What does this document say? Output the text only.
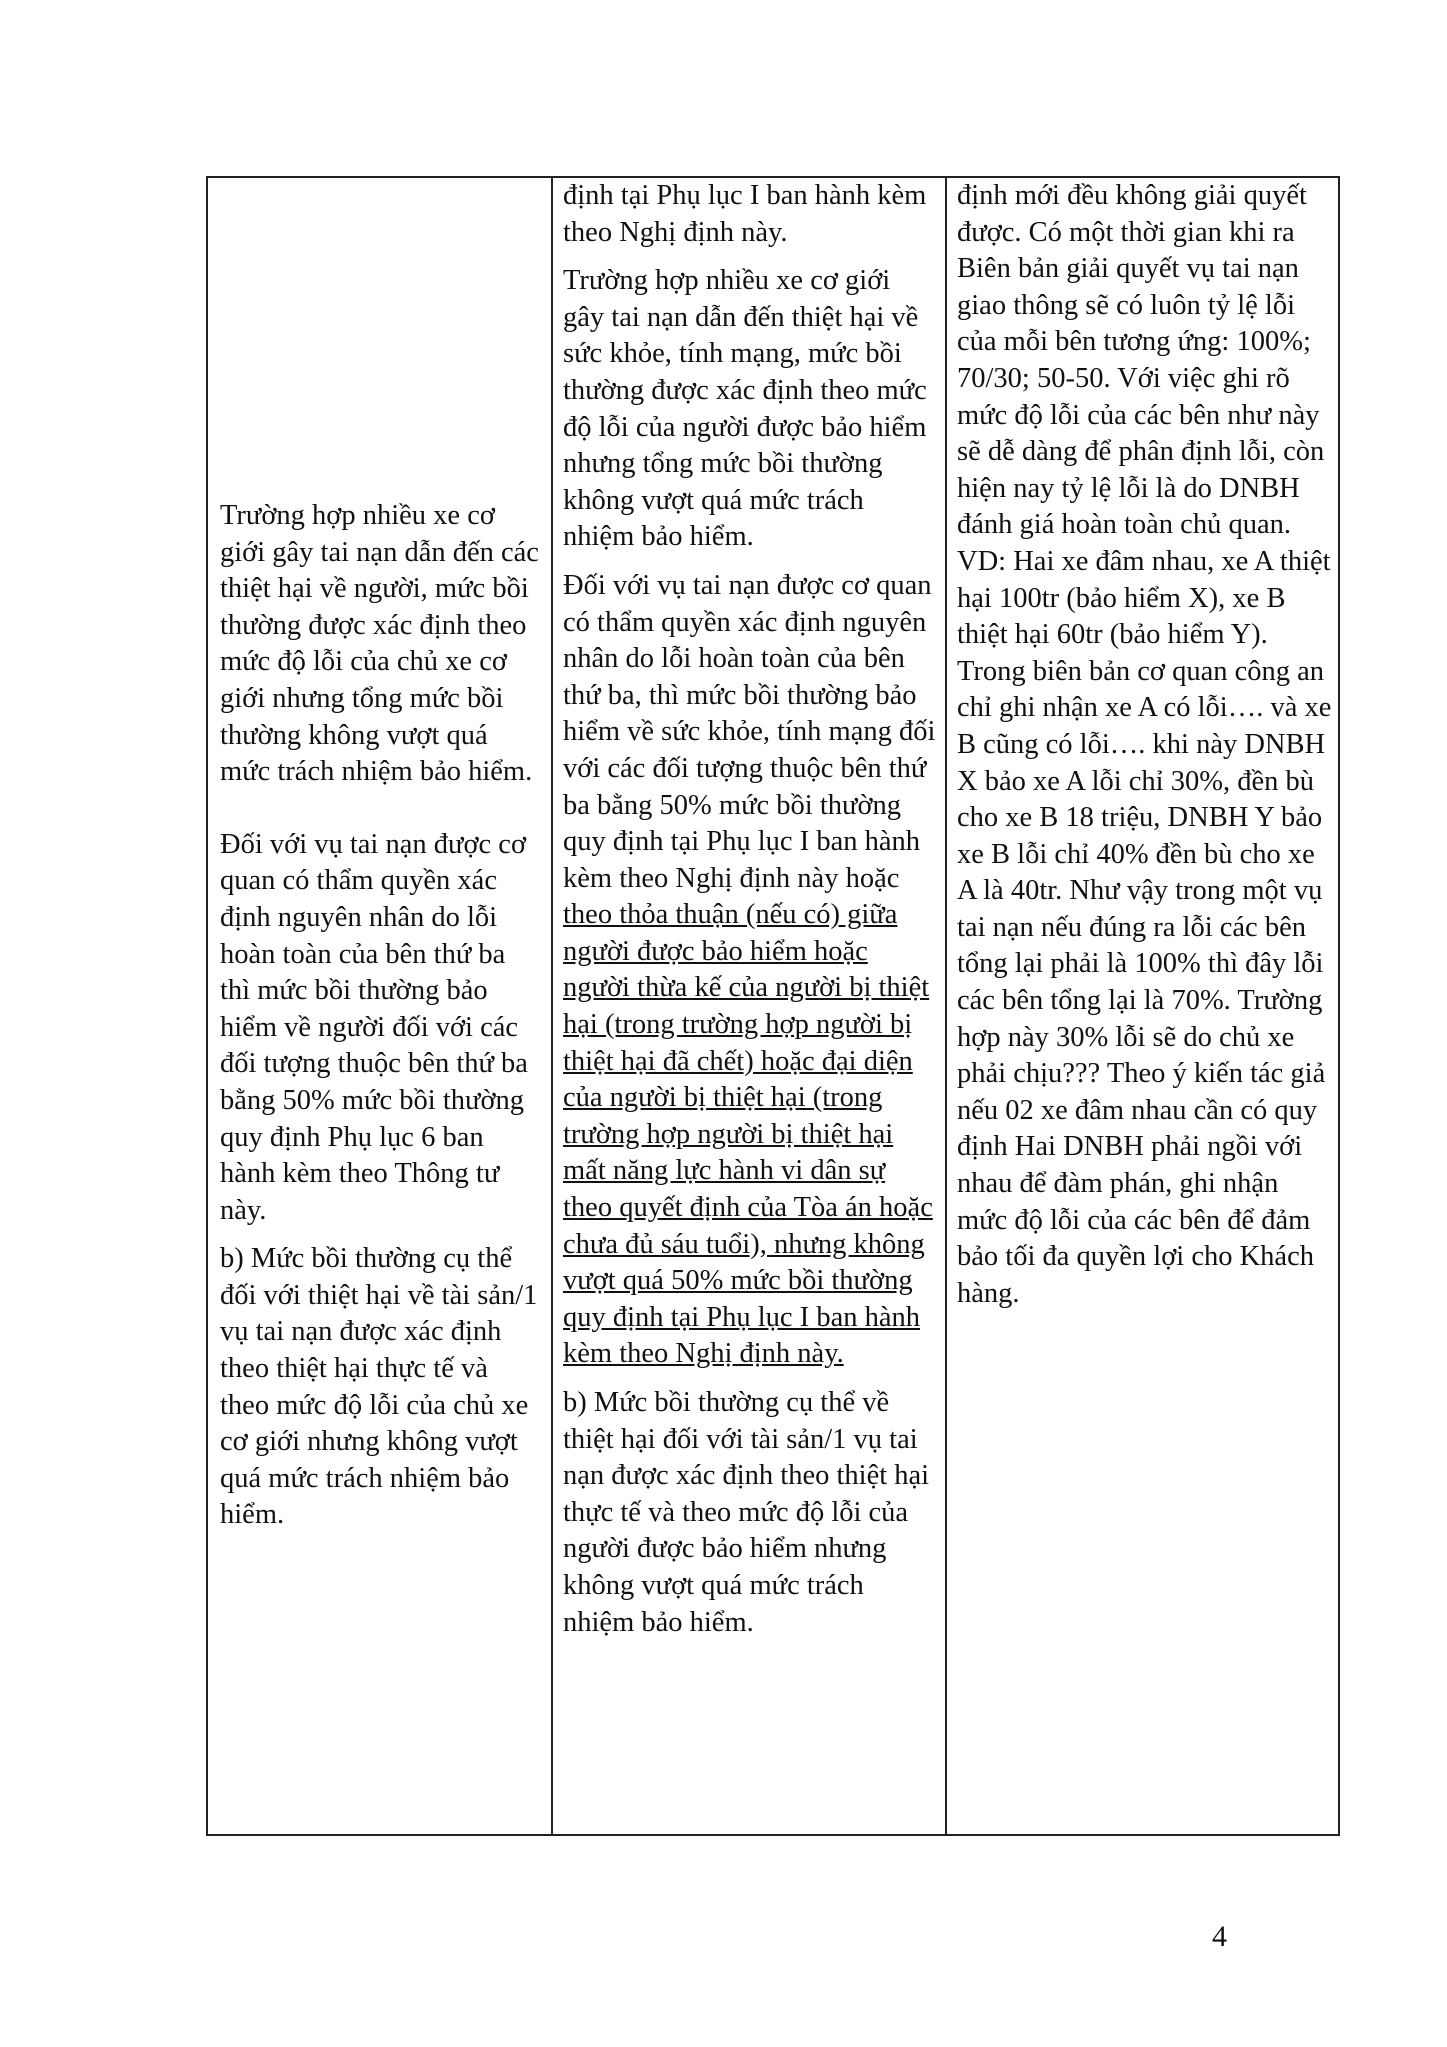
Trường hợp nhiều xe cơ giới gây tai nạn dẫn đến các thiệt hại về người, mức bồi thường được xác định theo mức độ lỗi của chủ xe cơ giới nhưng tổng mức bồi thường không vượt quá mức trách nhiệm bảo hiểm.

Đối với vụ tai nạn được cơ quan có thẩm quyền xác định nguyên nhân do lỗi hoàn toàn của bên thứ ba thì mức bồi thường bảo hiểm về người đối với các đối tượng thuộc bên thứ ba bằng 50% mức bồi thường quy định Phụ lục 6 ban hành kèm theo Thông tư này.

b) Mức bồi thường cụ thể đối với thiệt hại về tài sản/1 vụ tai nạn được xác định theo thiệt hại thực tế và theo mức độ lỗi của chủ xe cơ giới nhưng không vượt quá mức trách nhiệm bảo hiểm.

định tại Phụ lục I ban hành kèm theo Nghị định này.

Trường hợp nhiều xe cơ giới gây tai nạn dẫn đến thiệt hại về sức khỏe, tính mạng, mức bồi thường được xác định theo mức độ lỗi của người được bảo hiểm nhưng tổng mức bồi thường không vượt quá mức trách nhiệm bảo hiểm.

Đối với vụ tai nạn được cơ quan có thẩm quyền xác định nguyên nhân do lỗi hoàn toàn của bên thứ ba, thì mức bồi thường bảo hiểm về sức khỏe, tính mạng đối với các đối tượng thuộc bên thứ ba bằng 50% mức bồi thường quy định tại Phụ lục I ban hành kèm theo Nghị định này hoặc theo thỏa thuận (nếu có) giữa người được bảo hiểm hoặc người thừa kế của người bị thiệt hại (trong trường hợp người bị thiệt hại đã chết) hoặc đại diện của người bị thiệt hại (trong trường hợp người bị thiệt hại mất năng lực hành vi dân sự theo quyết định của Tòa án hoặc chưa đủ sáu tuổi), nhưng không vượt quá 50% mức bồi thường quy định tại Phụ lục I ban hành kèm theo Nghị định này.

b) Mức bồi thường cụ thể về thiệt hại đối với tài sản/1 vụ tai nạn được xác định theo thiệt hại thực tế và theo mức độ lỗi của người được bảo hiểm nhưng không vượt quá mức trách nhiệm bảo hiểm.

định mới đều không giải quyết được. Có một thời gian khi ra Biên bản giải quyết vụ tai nạn giao thông sẽ có luôn tỷ lệ lỗi của mỗi bên tương ứng: 100%; 70/30; 50-50. Với việc ghi rõ mức độ lỗi của các bên như này sẽ dễ dàng để phân định lỗi, còn hiện nay tỷ lệ lỗi là do DNBH đánh giá hoàn toàn chủ quan. VD: Hai xe đâm nhau, xe A thiệt hại 100tr (bảo hiểm X), xe B thiệt hại 60tr (bảo hiểm Y). Trong biên bản cơ quan công an chỉ ghi nhận xe A có lỗi…. và xe B cũng có lỗi…. khi này DNBH X bảo xe A lỗi chỉ 30%, đền bù cho xe B 18 triệu, DNBH Y bảo xe B lỗi chỉ 40% đền bù cho xe A là 40tr. Như vậy trong một vụ tai nạn nếu đúng ra lỗi các bên tổng lại phải là 100% thì đây lỗi các bên tổng lại là 70%. Trường hợp này 30% lỗi sẽ do chủ xe phải chịu??? Theo ý kiến tác giả nếu 02 xe đâm nhau cần có quy định Hai DNBH phải ngồi với nhau để đàm phán, ghi nhận mức độ lỗi của các bên để đảm bảo tối đa quyền lợi cho Khách hàng.

4
